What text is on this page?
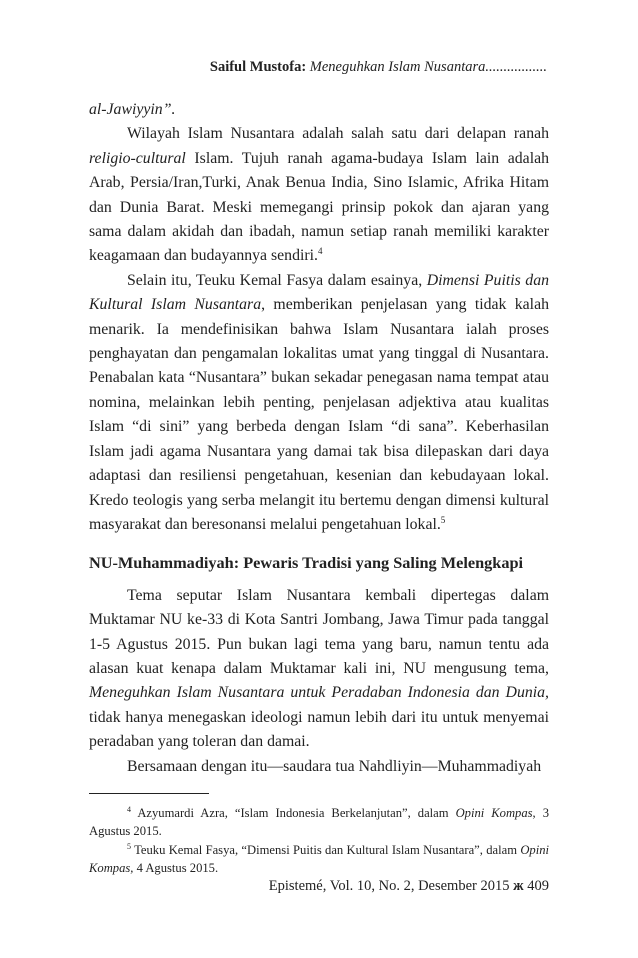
Saiful Mustofa: Meneguhkan Islam Nusantara.................

al-Jawiyyin”.

Wilayah Islam Nusantara adalah salah satu dari delapan ranah religio-cultural Islam. Tujuh ranah agama-budaya Islam lain adalah Arab, Persia/Iran,Turki, Anak Benua India, Sino Islamic, Afrika Hitam dan Dunia Barat. Meski memegangi prinsip pokok dan ajaran yang sama dalam akidah dan ibadah, namun setiap ranah memiliki karakter keagamaan dan budayannya sendiri.$^4$

Selain itu, Teuku Kemal Fasya dalam esainya, Dimensi Puitis dan Kultural Islam Nusantara, memberikan penjelasan yang tidak kalah menarik. Ia mendefinisikan bahwa Islam Nusantara ialah proses penghayatan dan pengamalan lokalitas umat yang tinggal di Nusantara. Penabalan kata “Nusantara” bukan sekadar penegasan nama tempat atau nomina, melainkan lebih penting, penjelasan adjektiva atau kualitas Islam “di sini” yang berbeda dengan Islam “di sana”. Keberhasilan Islam jadi agama Nusantara yang damai tak bisa dilepaskan dari daya adaptasi dan resiliensi pengetahuan, kesenian dan kebudayaan lokal. Kredo teologis yang serba melangit itu bertemu dengan dimensi kultural masyarakat dan beresonansi melalui pengetahuan lokal.$^5$

NU-Muhammadiyah: Pewaris Tradisi yang Saling Melengkapi

Tema seputar Islam Nusantara kembali dipertegas dalam Muktamar NU ke-33 di Kota Santri Jombang, Jawa Timur pada tanggal 1-5 Agustus 2015. Pun bukan lagi tema yang baru, namun tentu ada alasan kuat kenapa dalam Muktamar kali ini, NU mengusung tema, Meneguhkan Islam Nusantara untuk Peradaban Indonesia dan Dunia, tidak hanya menegaskan ideologi namun lebih dari itu untuk menyemai peradaban yang toleran dan damai.

Bersamaan dengan itu—saudara tua Nahdliyin—Muhammadiyah

$^4$ Azyumardi Azra, “Islam Indonesia Berkelanjutan”, dalam Opini Kompas, 3 Agustus 2015.

$^5$ Teuku Kemal Fasya, “Dimensi Puitis dan Kultural Islam Nusantara”, dalam Opini Kompas, 4 Agustus 2015.

Epistemé, Vol. 10, No. 2, Desember 2015 ж 409
